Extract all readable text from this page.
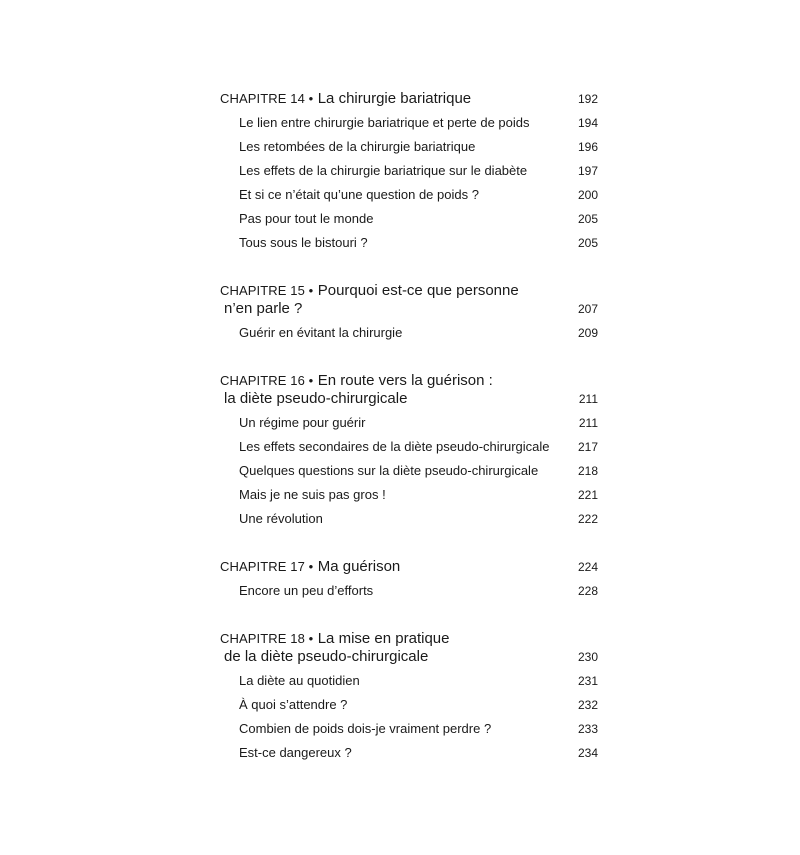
CHAPITRE 14 • La chirurgie bariatrique	192
Le lien entre chirurgie bariatrique et perte de poids	194
Les retombées de la chirurgie bariatrique	196
Les effets de la chirurgie bariatrique sur le diabète	197
Et si ce n’était qu’une question de poids ?	200
Pas pour tout le monde	205
Tous sous le bistouri ?	205
CHAPITRE 15 • Pourquoi est-ce que personne
n’en parle ?	207
Guérir en évitant la chirurgie	209
CHAPITRE 16 • En route vers la guérison :
la diète pseudo-chirurgicale	211
Un régime pour guérir	211
Les effets secondaires de la diète pseudo-chirurgicale 217
Quelques questions sur la diète pseudo-chirurgicale	218
Mais je ne suis pas gros !	221
Une révolution	222
CHAPITRE 17 • Ma guérison	224
Encore un peu d’efforts	228
CHAPITRE 18 • La mise en pratique
de la diète pseudo-chirurgicale	230
La diète au quotidien	231
À quoi s’attendre ?	232
Combien de poids dois-je vraiment perdre ?	233
Est-ce dangereux ?	234
